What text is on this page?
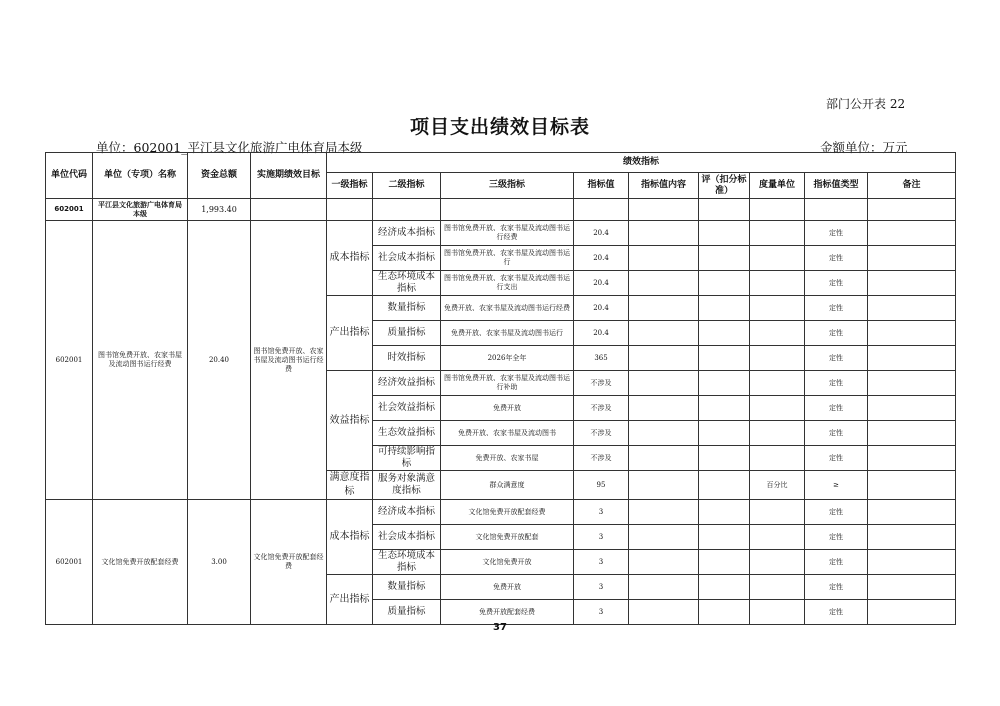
部门公开表 22
项目支出绩效目标表
单位：602001_平江县文化旅游广电体育局本级	金额单位：万元
单位代码	单位（专项）名称	资金总额	实施期绩效目标	绩效指标								
				一级指标	二级指标	三级指标	指标值	指标值内容	评（扣分标准）	度量单位	指标值类型	备注
602001	平江县文化旅游广电体育局本级	1,993.40										
602001	图书馆免费开放、农家书屋及流动图书运行经费	20.40	图书馆免费开放、农家书屋及流动图书运行经费	成本指标	经济成本指标	图书馆免费开放、农家书屋及流动图书运行经费	20.4				定性	
					社会成本指标	图书馆免费开放、农家书屋及流动图书运行	20.4				定性	
					生态环境成本指标	图书馆免费开放、农家书屋及流动图书运行支出	20.4				定性	
				产出指标	数量指标	免费开放、农家书屋及流动图书运行经费	20.4				定性	
					质量指标	免费开放、农家书屋及流动图书运行	20.4				定性	
					时效指标	2026年全年	365				定性	
				效益指标	经济效益指标	图书馆免费开放、农家书屋及流动图书运行补助	不涉及				定性	
					社会效益指标	免费开放	不涉及				定性	
					生态效益指标	免费开放、农家书屋及流动图书	不涉及				定性	
					可持续影响指标	免费开放、农家书屋	不涉及				定性	
				满意度指标	服务对象满意度指标	群众满意度	95			百分比	≥	
602001	文化馆免费开放配套经费	3.00	文化馆免费开放配套经费	成本指标	经济成本指标	文化馆免费开放配套经费	3				定性	
					社会成本指标	文化馆免费开放配套	3				定性	
					生态环境成本指标	文化馆免费开放	3				定性	
				产出指标	数量指标	免费开放	3				定性	
					质量指标	免费开放配套经费	3				定性	
37
